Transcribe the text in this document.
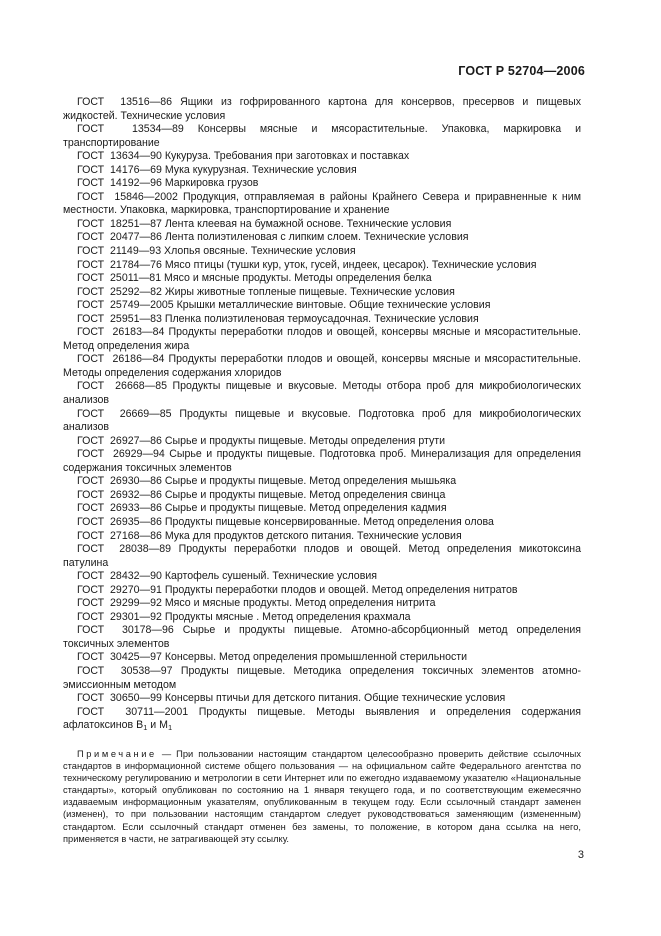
ГОСТ Р 52704—2006

ГОСТ  13516—86 Ящики из гофрированного картона для консервов, пресервов и пищевых жидкостей. Технические условия

ГОСТ  13534—89 Консервы мясные и мясорастительные. Упаковка, маркировка и транспортирование

ГОСТ  13634—90 Кукуруза. Требования при заготовках и поставках

ГОСТ  14176—69 Мука кукурузная. Технические условия

ГОСТ  14192—96 Маркировка грузов

ГОСТ  15846—2002 Продукция, отправляемая в районы Крайнего Севера и приравненные к ним местности. Упаковка, маркировка, транспортирование и хранение

ГОСТ  18251—87 Лента клеевая на бумажной основе. Технические условия

ГОСТ  20477—86 Лента полиэтиленовая с липким слоем. Технические условия

ГОСТ  21149—93 Хлопья овсяные. Технические условия

ГОСТ  21784—76 Мясо птицы (тушки кур, уток, гусей, индеек, цесарок). Технические условия

ГОСТ  25011—81 Мясо и мясные продукты. Методы определения белка

ГОСТ  25292—82 Жиры животные топленые пищевые. Технические условия

ГОСТ  25749—2005 Крышки металлические винтовые. Общие технические условия

ГОСТ  25951—83 Пленка полиэтиленовая термоусадочная. Технические условия

ГОСТ  26183—84 Продукты переработки плодов и овощей, консервы мясные и мясорастительные. Метод определения жира

ГОСТ  26186—84 Продукты переработки плодов и овощей, консервы мясные и мясорастительные. Методы определения содержания хлоридов

ГОСТ  26668—85 Продукты пищевые и вкусовые. Методы отбора проб для микробиологических анализов

ГОСТ  26669—85 Продукты пищевые и вкусовые. Подготовка проб для микробиологических анализов

ГОСТ  26927—86 Сырье и продукты пищевые. Методы определения ртути

ГОСТ  26929—94 Сырье и продукты пищевые. Подготовка проб. Минерализация для определения содержания токсичных элементов

ГОСТ  26930—86 Сырье и продукты пищевые. Метод определения мышьяка

ГОСТ  26932—86 Сырье и продукты пищевые. Метод определения свинца

ГОСТ  26933—86 Сырье и продукты пищевые. Метод определения кадмия

ГОСТ  26935—86 Продукты пищевые консервированные. Метод определения олова

ГОСТ  27168—86 Мука для продуктов детского питания. Технические условия

ГОСТ  28038—89 Продукты переработки плодов и овощей. Метод определения микотоксина патулина

ГОСТ  28432—90 Картофель сушеный. Технические условия

ГОСТ  29270—91 Продукты переработки плодов и овощей. Метод определения нитратов

ГОСТ  29299—92 Мясо и мясные продукты. Метод определения нитрита

ГОСТ  29301—92 Продукты мясные . Метод определения крахмала

ГОСТ  30178—96 Сырье и продукты пищевые. Атомно-абсорбционный метод определения токсичных элементов

ГОСТ  30425—97 Консервы. Метод определения промышленной стерильности

ГОСТ  30538—97 Продукты пищевые. Методика определения токсичных элементов атомно-эмиссионным методом

ГОСТ  30650—99 Консервы птичьи для детского питания. Общие технические условия

ГОСТ  30711—2001 Продукты пищевые. Методы выявления и определения содержания афлатоксинов $B_1$ и $M_1$

Примечание — При пользовании настоящим стандартом целесообразно проверить действие ссылочных стандартов в информационной системе общего пользования — на официальном сайте Федерального агентства по техническому регулированию и метрологии в сети Интернет или по ежегодно издаваемому указателю «Национальные стандарты», который опубликован по состоянию на 1 января текущего года, и по соответствующим ежемесячно издаваемым информационным указателям, опубликованным в текущем году. Если ссылочный стандарт заменен (изменен), то при пользовании настоящим стандартом следует руководствоваться заменяющим (измененным) стандартом. Если ссылочный стандарт отменен без замены, то положение, в котором дана ссылка на него, применяется в части, не затрагивающей эту ссылку.

3
